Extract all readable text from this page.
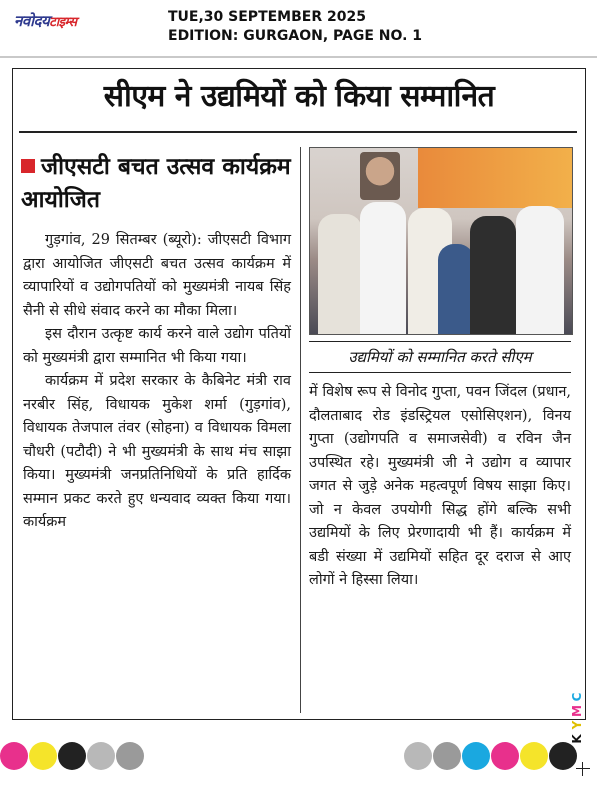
नवोदयटाइम्स	TUE,30 SEPTEMBER 2025
EDITION: GURGAON, PAGE NO. 1
सीएम ने उद्यमियों को किया सम्मानित
जीएसटी बचत उत्सव कार्यक्रम आयोजित

गुड़गांव, 29 सितम्बर (ब्यूरो): जीएसटी विभाग द्वारा आयोजित जीएसटी बचत उत्सव कार्यक्रम में व्यापारियों व उद्योगपतियों को मुख्यमंत्री नायब सिंह सैनी से सीधे संवाद करने का मौका मिला।

इस दौरान उत्कृष्ट कार्य करने वाले उद्योग पतियों को मुख्यमंत्री द्वारा सम्मानित भी किया गया।

कार्यक्रम में प्रदेश सरकार के कैबिनेट मंत्री राव नरबीर सिंह, विधायक मुकेश शर्मा (गुड़गांव), विधायक तेजपाल तंवर (सोहना) व विधायक विमला चौधरी (पटौदी) ने भी मुख्यमंत्री के साथ मंच साझा किया। मुख्यमंत्री जनप्रतिनिधियों के प्रति हार्दिक सम्मान प्रकट करते हुए धन्यवाद व्यक्त किया गया। कार्यक्रम

उद्यमियों को सम्मानित करते सीएम

में विशेष रूप से विनोद गुप्ता, पवन जिंदल (प्रधान, दौलताबाद रोड इंडस्ट्रियल एसोसिएशन), विनय गुप्ता (उद्योगपति व समाजसेवी) व रविन जैन उपस्थित रहे। मुख्यमंत्री जी ने उद्योग व व्यापार जगत से जुड़े अनेक महत्वपूर्ण विषय साझा किए। जो न केवल उपयोगी सिद्ध होंगे बल्कि सभी उद्यमियों के लिए प्रेरणादायी भी हैं। कार्यक्रम में बडी संख्या में उद्यमियों सहित दूर दराज से आए लोगों ने हिस्सा लिया।

C
M
Y
K
